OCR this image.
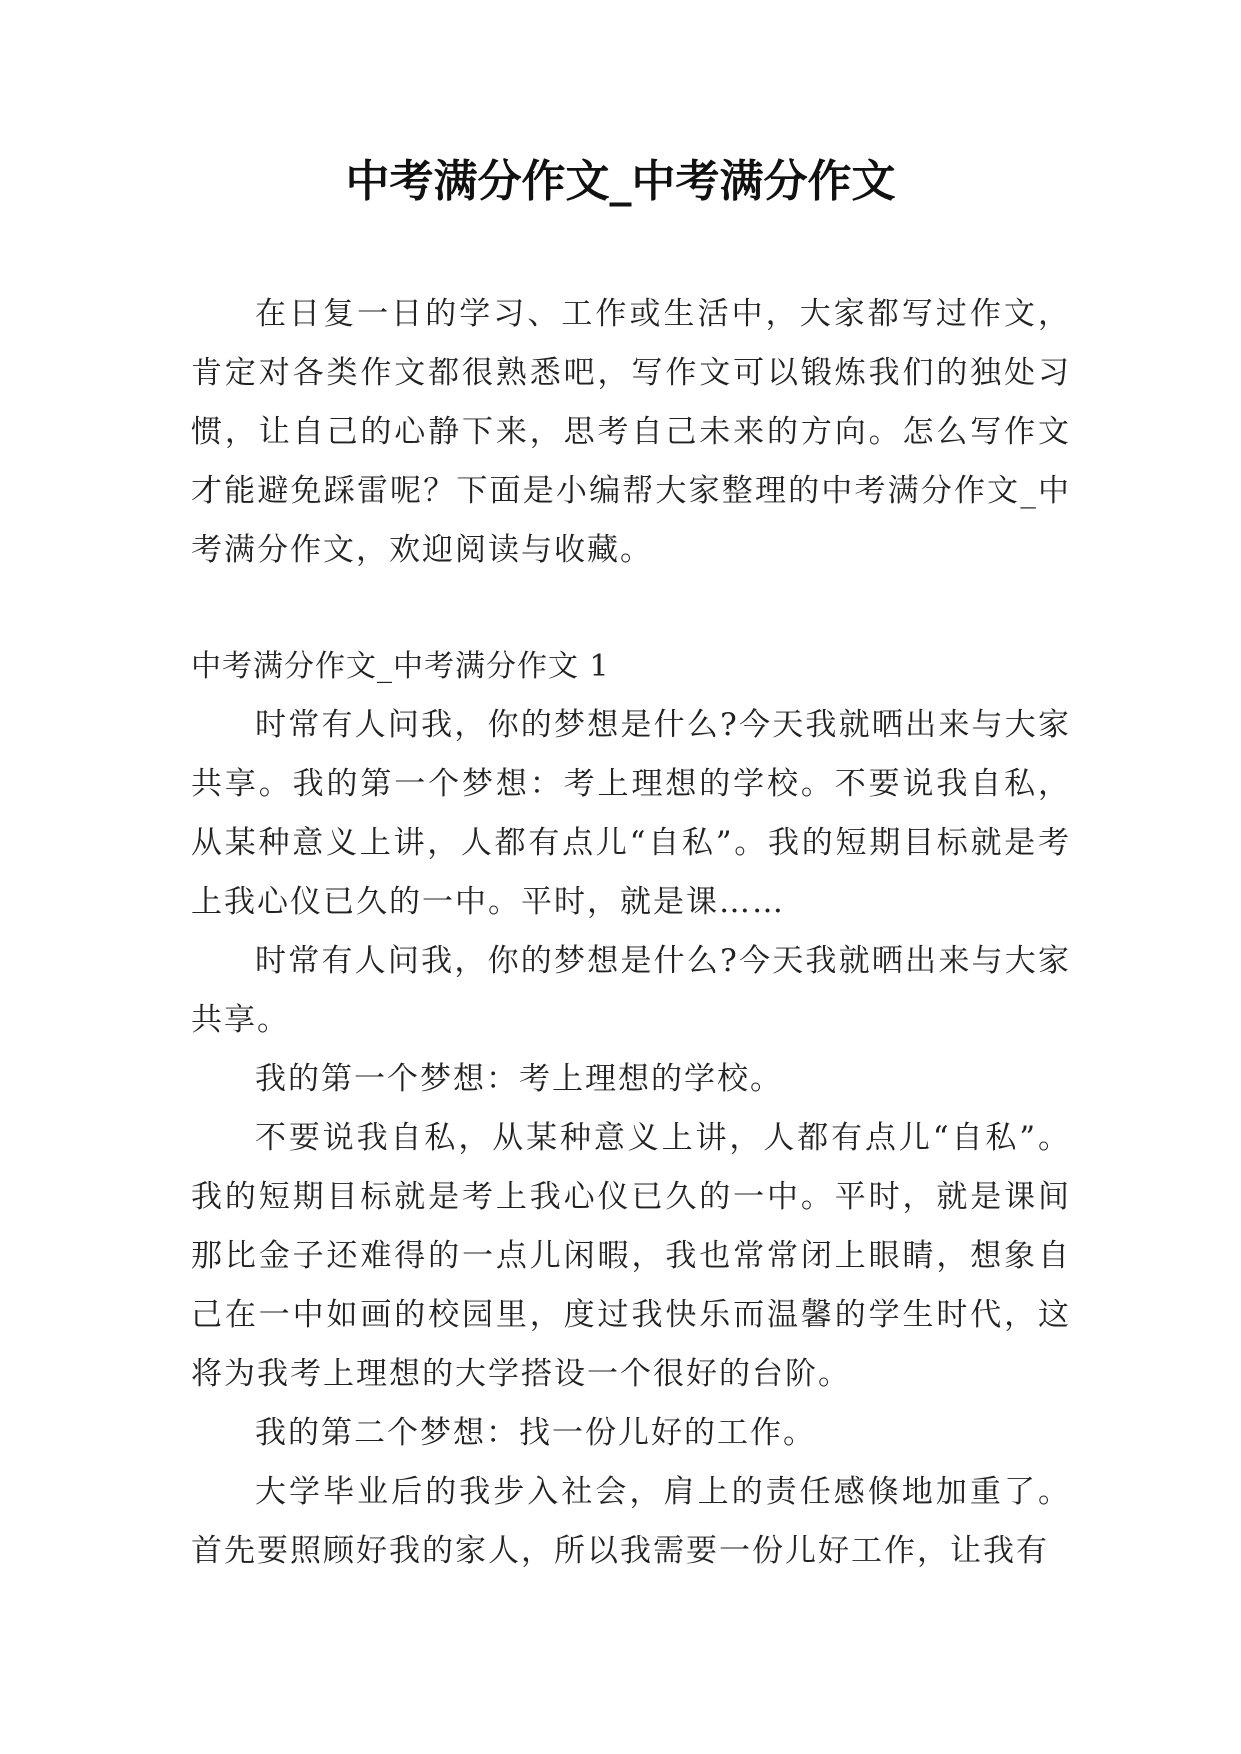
中考满分作文_中考满分作文

在日复一日的学习、工作或生活中，大家都写过作文，肯定对各类作文都很熟悉吧，写作文可以锻炼我们的独处习惯，让自己的心静下来，思考自己未来的方向。怎么写作文才能避免踩雷呢？下面是小编帮大家整理的中考满分作文_中考满分作文，欢迎阅读与收藏。

中考满分作文_中考满分作文 1

时常有人问我，你的梦想是什么?今天我就晒出来与大家共享。我的第一个梦想：考上理想的学校。不要说我自私，从某种意义上讲，人都有点儿“自私”。我的短期目标就是考上我心仪已久的一中。平时，就是课……

时常有人问我，你的梦想是什么?今天我就晒出来与大家共享。

我的第一个梦想：考上理想的学校。

不要说我自私，从某种意义上讲，人都有点儿“自私”。我的短期目标就是考上我心仪已久的一中。平时，就是课间那比金子还难得的一点儿闲暇，我也常常闭上眼睛，想象自己在一中如画的校园里，度过我快乐而温馨的学生时代，这将为我考上理想的大学搭设一个很好的台阶。

我的第二个梦想：找一份儿好的工作。

大学毕业后的我步入社会，肩上的责任感倏地加重了。首先要照顾好我的家人，所以我需要一份儿好工作，让我有
